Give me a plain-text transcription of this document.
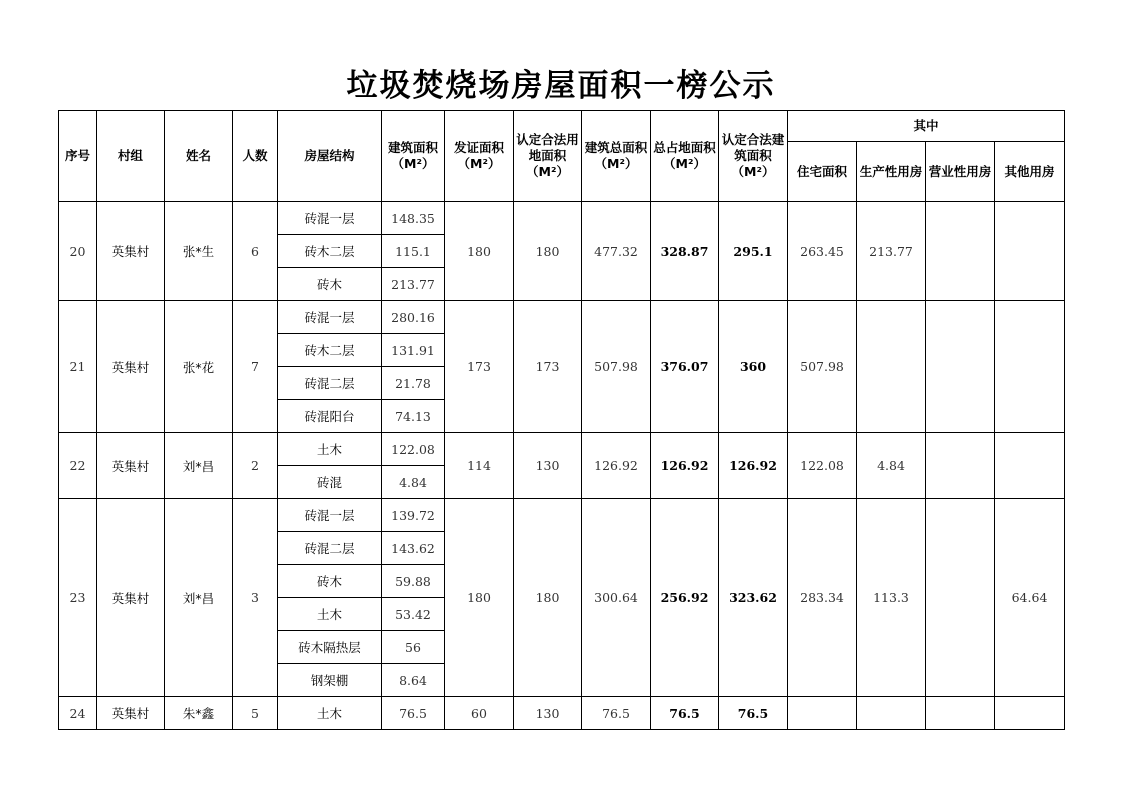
垃圾焚烧场房屋面积一榜公示
序号	村组	姓名	人数	房屋结构	建筑面积（M²）	发证面积（M²）	认定合法用地面积（M²）	建筑总面积 （M²）	总占地面积（M²）	认定合法建筑面积（M²）	其中			
											住宅面积	生产性用房	营业性用房	其他用房
20	英集村	张*生	6	砖混一层	148.35	180	180	477.32	328.87	295.1	263.45	213.77		
				砖木二层	115.1									
				砖木	213.77									
21	英集村	张*花	7	砖混一层	280.16	173	173	507.98	376.07	360	507.98			
				砖木二层	131.91									
				砖混二层	21.78									
				砖混阳台	74.13									
22	英集村	刘*昌	2	土木	122.08	114	130	126.92	126.92	126.92	122.08	4.84		
				砖混	4.84									
23	英集村	刘*昌	3	砖混一层	139.72	180	180	300.64	256.92	323.62	283.34	113.3		64.64
				砖混二层	143.62									
				砖木	59.88									
				土木	53.42									
				砖木隔热层	56									
				钢架棚	8.64									
24	英集村	朱*鑫	5	土木	76.5	60	130	76.5	76.5	76.5				
